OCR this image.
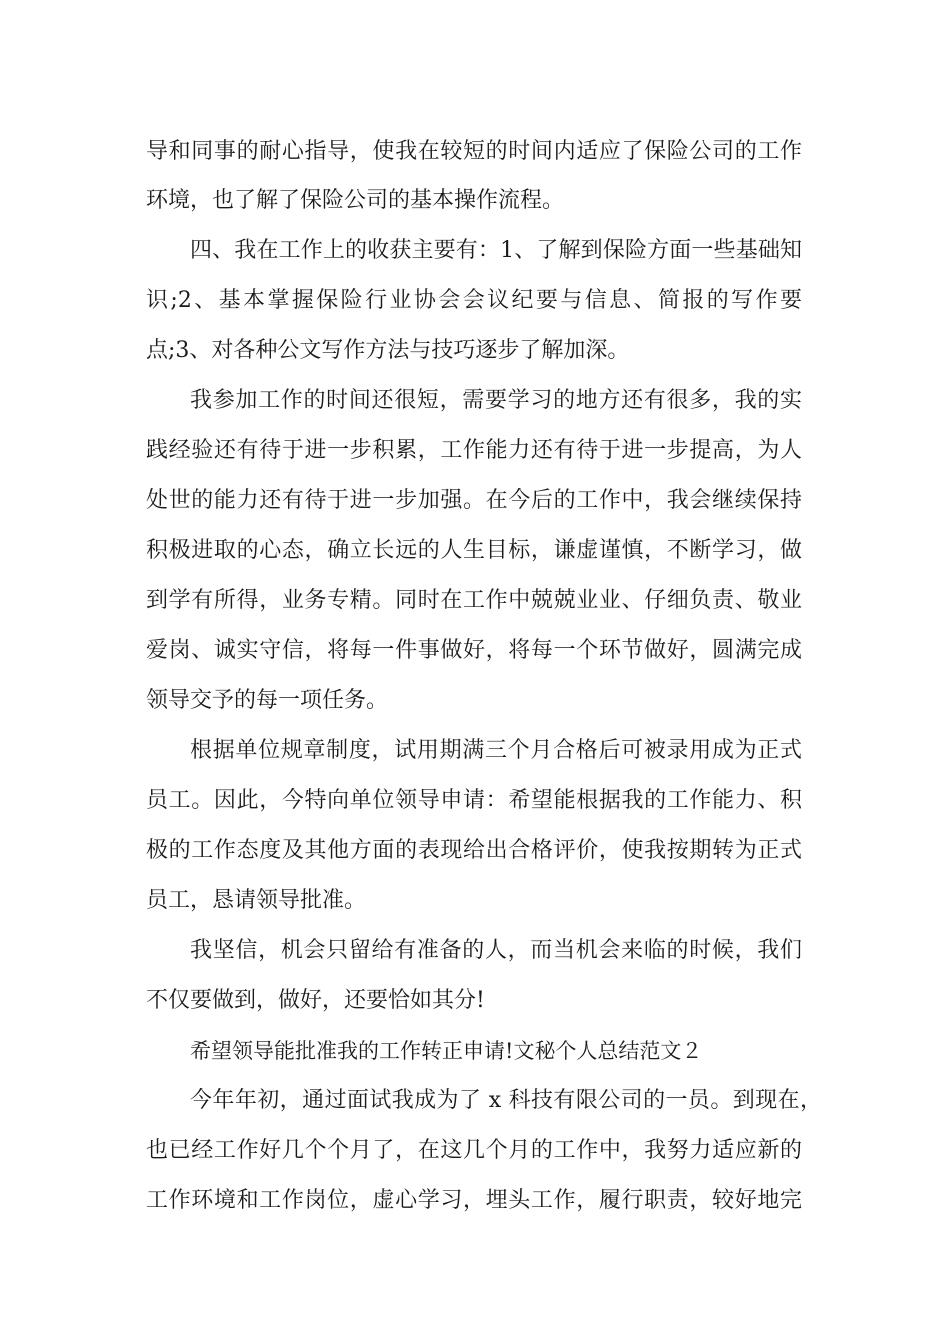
导和同事的耐心指导，使我在较短的时间内适应了保险公司的工作
环境，也了解了保险公司的基本操作流程。
四、我在工作上的收获主要有：1、了解到保险方面一些基础知
识;2、基本掌握保险行业协会会议纪要与信息、简报的写作要
点;3、对各种公文写作方法与技巧逐步了解加深。
我参加工作的时间还很短，需要学习的地方还有很多，我的实
践经验还有待于进一步积累，工作能力还有待于进一步提高，为人
处世的能力还有待于进一步加强。在今后的工作中，我会继续保持
积极进取的心态，确立长远的人生目标，谦虚谨慎，不断学习，做
到学有所得，业务专精。同时在工作中兢兢业业、仔细负责、敬业
爱岗、诚实守信，将每一件事做好，将每一个环节做好，圆满完成
领导交予的每一项任务。
根据单位规章制度，试用期满三个月合格后可被录用成为正式
员工。因此，今特向单位领导申请：希望能根据我的工作能力、积
极的工作态度及其他方面的表现给出合格评价，使我按期转为正式
员工，恳请领导批准。
我坚信，机会只留给有准备的人，而当机会来临的时候，我们
不仅要做到，做好，还要恰如其分!
希望领导能批准我的工作转正申请!文秘个人总结范文２
今年年初，通过面试我成为了 x 科技有限公司的一员。到现在，
也已经工作好几个个月了，在这几个月的工作中，我努力适应新的
工作环境和工作岗位，虚心学习，埋头工作，履行职责，较好地完
